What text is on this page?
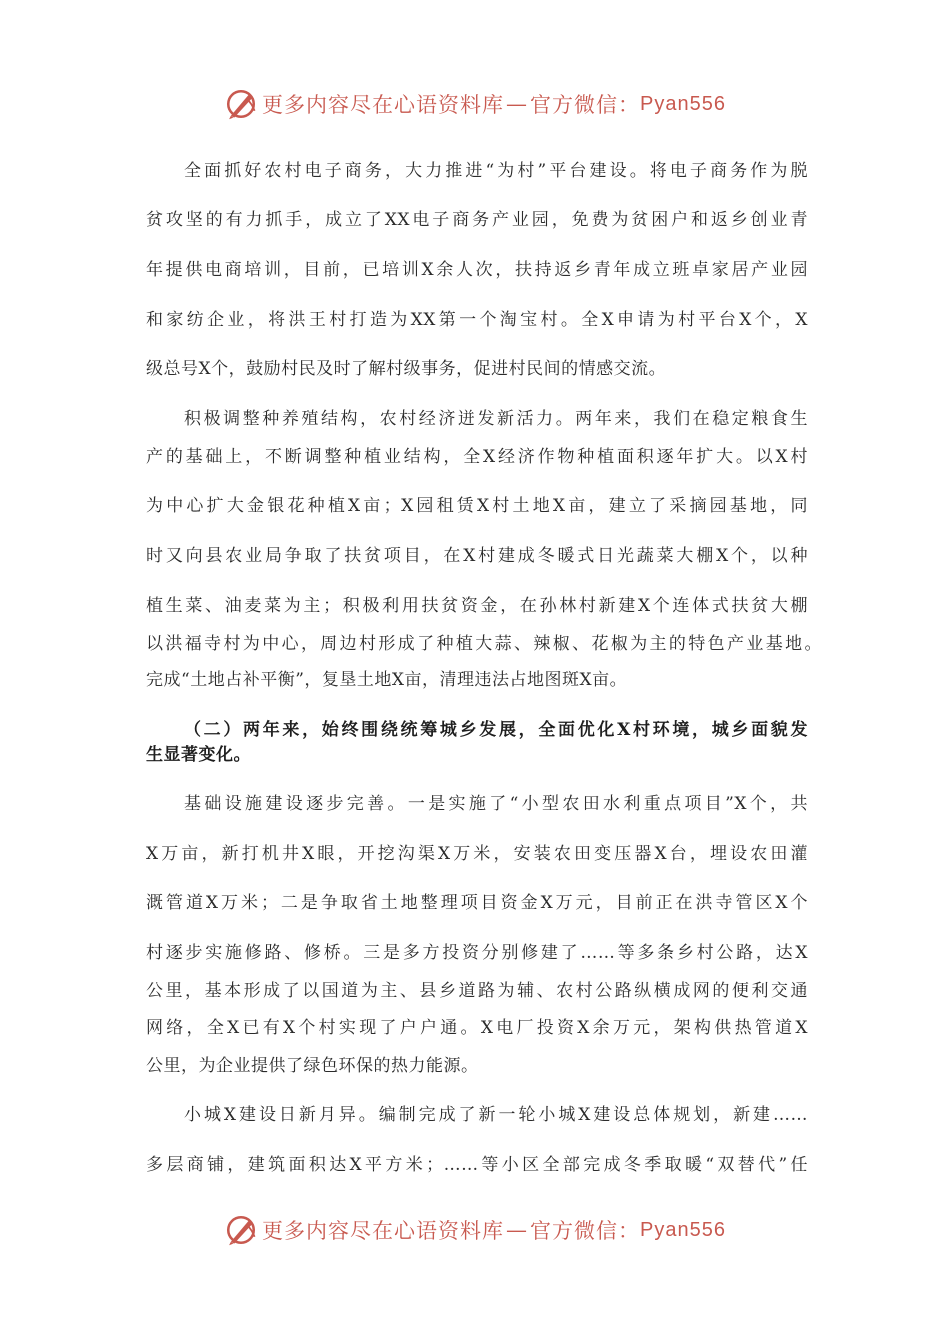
更多内容尽在心语资料库 — 官方微信： Pyan556
全面抓好农村电子商务，大力推进“为村”平台建设。将电子商务作为脱
贫攻坚的有力抓手，成立了XX电子商务产业园，免费为贫困户和返乡创业青
年提供电商培训，目前，已培训X余人次，扶持返乡青年成立班卓家居产业园
和家纺企业，将洪王村打造为XX第一个淘宝村。全X申请为村平台X个，X
级总号X个，鼓励村民及时了解村级事务，促进村民间的情感交流。
积极调整种养殖结构，农村经济迸发新活力。两年来，我们在稳定粮食生
产的基础上，不断调整种植业结构，全X经济作物种植面积逐年扩大。以X村
为中心扩大金银花种植X亩；X园租赁X村土地X亩，建立了采摘园基地，同
时又向县农业局争取了扶贫项目，在X村建成冬暖式日光蔬菜大棚X个，以种
植生菜、油麦菜为主；积极利用扶贫资金，在孙林村新建X个连体式扶贫大棚
以洪福寺村为中心，周边村形成了种植大蒜、辣椒、花椒为主的特色产业基地。
完成“土地占补平衡”，复垦土地X亩，清理违法占地图斑X亩。
（二）两年来，始终围绕统筹城乡发展，全面优化X村环境，城乡面貌发
生显著变化。
基础设施建设逐步完善。一是实施了“小型农田水利重点项目”X个，共
X万亩，新打机井X眼，开挖沟渠X万米，安装农田变压器X台，埋设农田灌
溉管道X万米；二是争取省土地整理项目资金X万元，目前正在洪寺管区X个
村逐步实施修路、修桥。三是多方投资分别修建了……等多条乡村公路，达X
公里，基本形成了以国道为主、县乡道路为辅、农村公路纵横成网的便利交通
网络，全X已有X个村实现了户户通。X电厂投资X余万元，架构供热管道X
公里，为企业提供了绿色环保的热力能源。
小城X建设日新月异。编制完成了新一轮小城X建设总体规划，新建……
多层商铺，建筑面积达X平方米；……等小区全部完成冬季取暖“双替代”任
更多内容尽在心语资料库 — 官方微信： Pyan556
